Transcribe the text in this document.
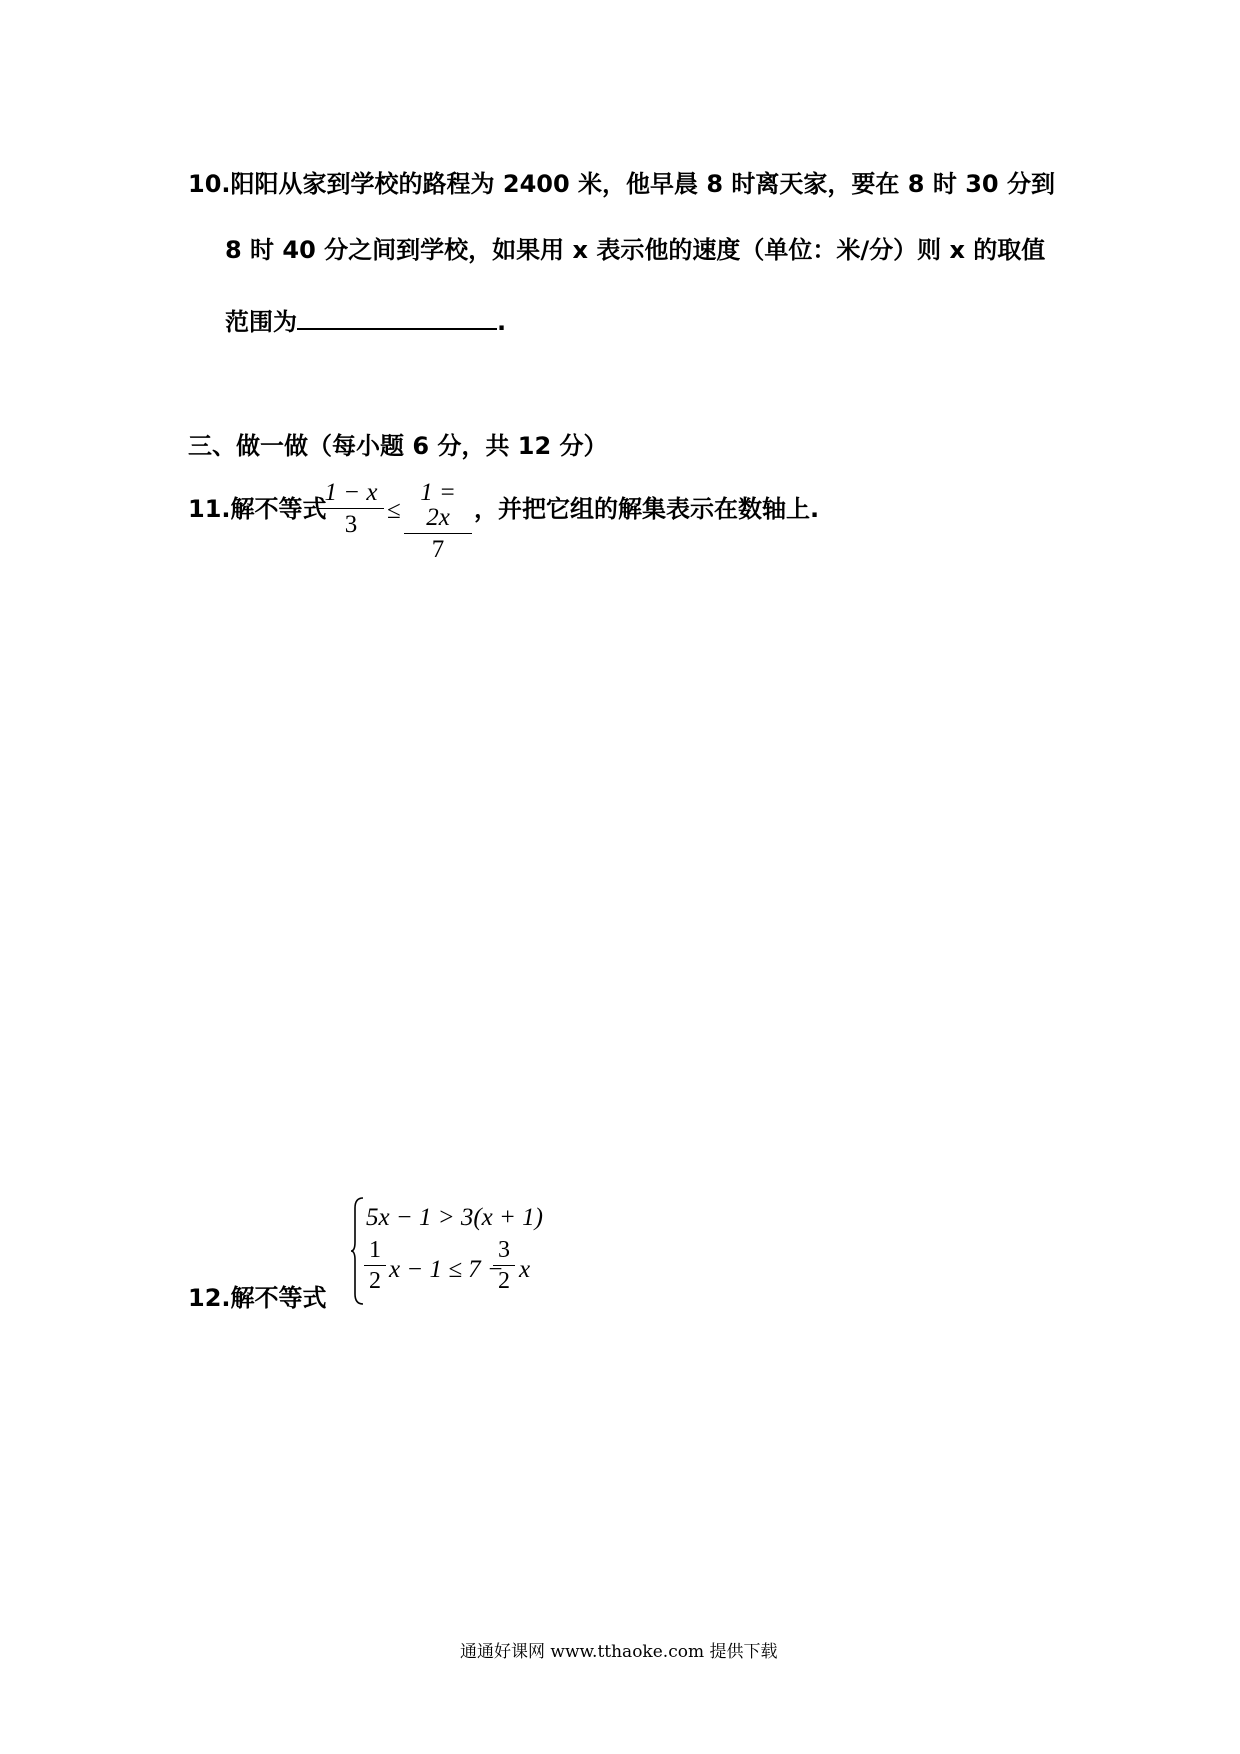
10.阳阳从家到学校的路程为 2400 米，他早晨 8 时离天家，要在 8 时 30 分到
8 时 40 分之间到学校，如果用 x 表示他的速度（单位：米/分）则 x 的取值
范围为	.
三、做一做（每小题 6 分，共 12 分）
11.解不等式
1 − x
3
≤
1 = 2x
7
，并把它组的解集表示在数轴上.
12.解不等式
5x − 1 > 3(x + 1)
1
2 x − 1 ≤ 7 −
3
2 x
通通好课网 www.tthaoke.com 提供下载
